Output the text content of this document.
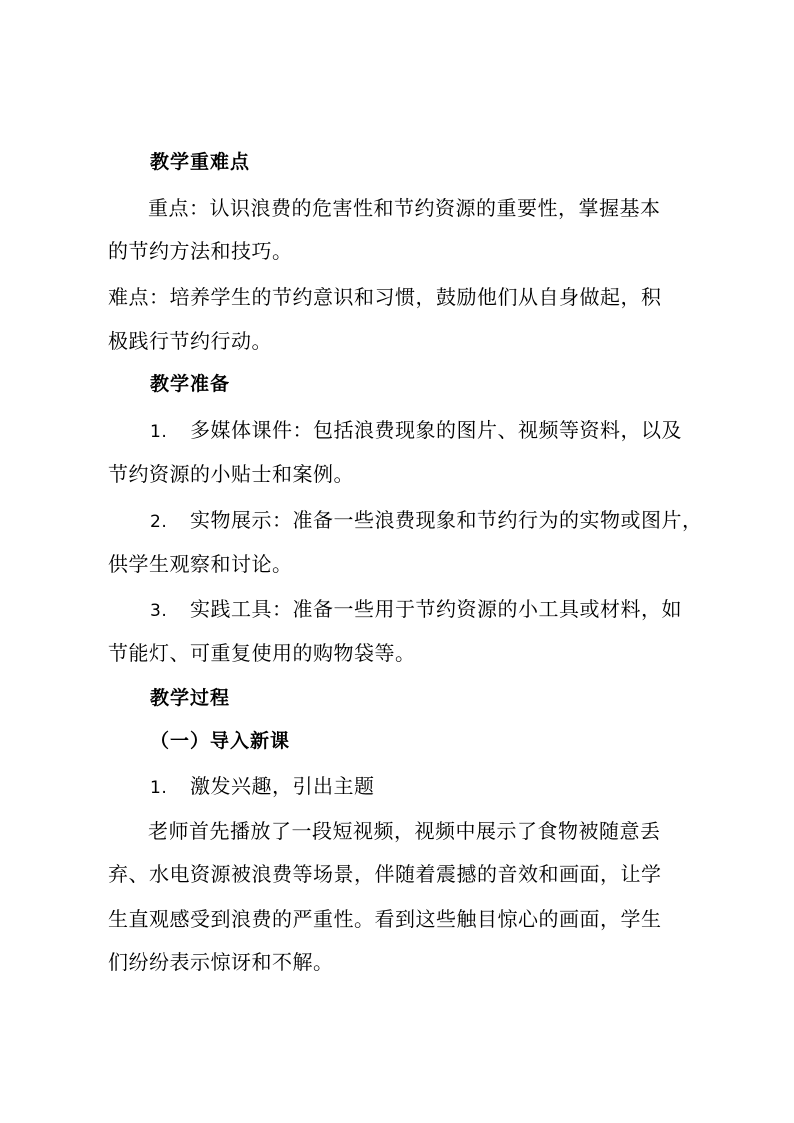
教学重难点
重点：认识浪费的危害性和节约资源的重要性，掌握基本
的节约方法和技巧。
难点：培养学生的节约意识和习惯，鼓励他们从自身做起，积
极践行节约行动。
教学准备
1. 多媒体课件：包括浪费现象的图片、视频等资料，以及
节约资源的小贴士和案例。
2. 实物展示：准备一些浪费现象和节约行为的实物或图片，
供学生观察和讨论。
3. 实践工具：准备一些用于节约资源的小工具或材料，如
节能灯、可重复使用的购物袋等。
教学过程
（一）导入新课
1. 激发兴趣，引出主题
老师首先播放了一段短视频，视频中展示了食物被随意丢
弃、水电资源被浪费等场景，伴随着震撼的音效和画面，让学
生直观感受到浪费的严重性。看到这些触目惊心的画面，学生
们纷纷表示惊讶和不解。
